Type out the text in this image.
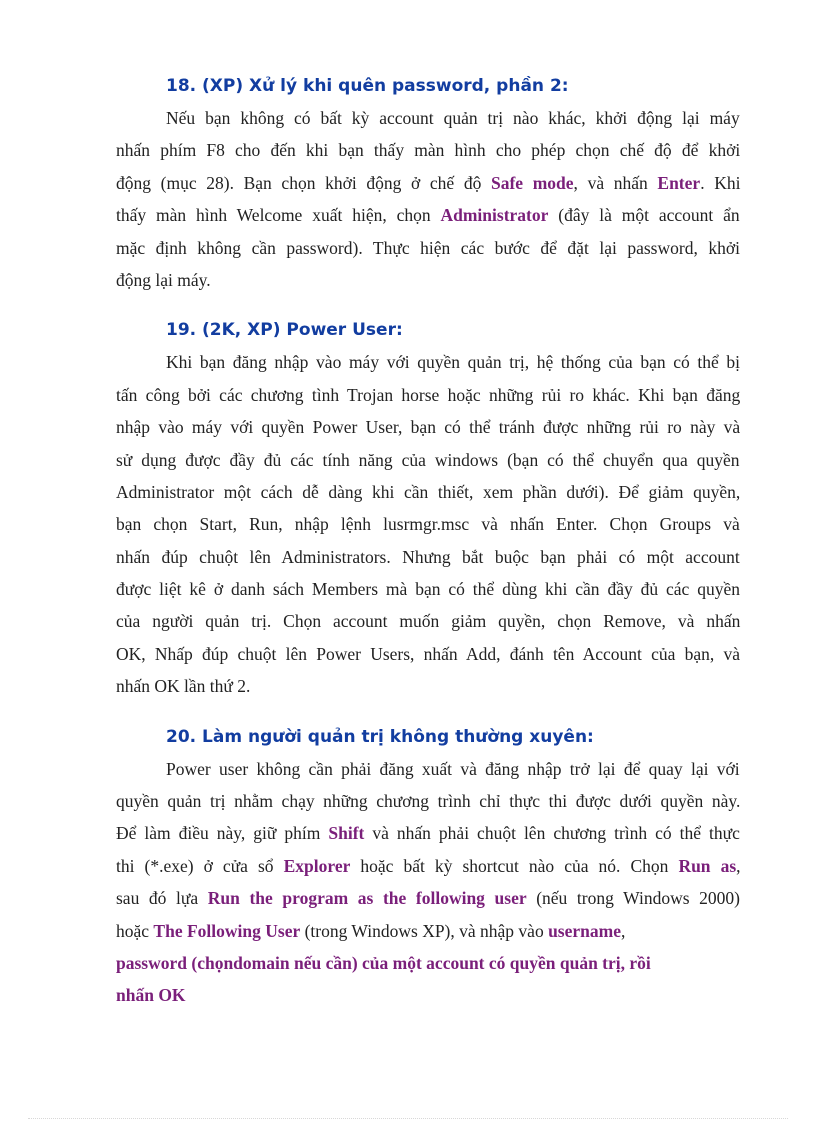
18. (XP) Xử lý khi quên password, phần 2:

Nếu bạn không có bất kỳ account quản trị nào khác, khởi động lại máy
nhấn phím F8 cho đến khi bạn thấy màn hình cho phép chọn chế độ để khởi
động (mục 28). Bạn chọn khởi động ở chế độ Safe mode, và nhấn Enter. Khi
thấy màn hình Welcome xuất hiện, chọn Administrator (đây là một account ẩn
mặc định không cần password). Thực hiện các bước để đặt lại password, khởi
động lại máy.

19. (2K, XP) Power User:

Khi bạn đăng nhập vào máy với quyền quản trị, hệ thống của bạn có thể bị
tấn công bởi các chương tình Trojan horse hoặc những rủi ro khác. Khi bạn đăng
nhập vào máy với quyền Power User, bạn có thể tránh được những rủi ro này và
sử dụng được đầy đủ các tính năng của windows (bạn có thể chuyển qua quyền
Administrator một cách dễ dàng khi cần thiết, xem phần dưới). Để giảm quyền,
bạn chọn Start, Run, nhập lệnh lusrmgr.msc và nhấn Enter. Chọn Groups và
nhấn đúp chuột lên Administrators. Nhưng bắt buộc bạn phải có một account
được liệt kê ở danh sách Members mà bạn có thể dùng khi cần đầy đủ các quyền
của người quản trị. Chọn account muốn giảm quyền, chọn Remove, và nhấn
OK, Nhấp đúp chuột lên Power Users, nhấn Add, đánh tên Account của bạn, và
nhấn OK lần thứ 2.

20. Làm người quản trị không thường xuyên:

Power user không cần phải đăng xuất và đăng nhập trở lại để quay lại với
quyền quản trị nhằm chạy những chương trình chỉ thực thi được dưới quyền này.
Để làm điều này, giữ phím Shift và nhấn phải chuột lên chương trình có thể thực
thi (*.exe) ở cửa sổ Explorer hoặc bất kỳ shortcut nào của nó. Chọn Run as,
sau đó lựa Run the program as the following user (nếu trong Windows 2000)
hoặc The Following User (trong Windows XP), và nhập vào username,
password (chọndomain nếu cần) của một account có quyền quản trị, rồi
nhấn OK
